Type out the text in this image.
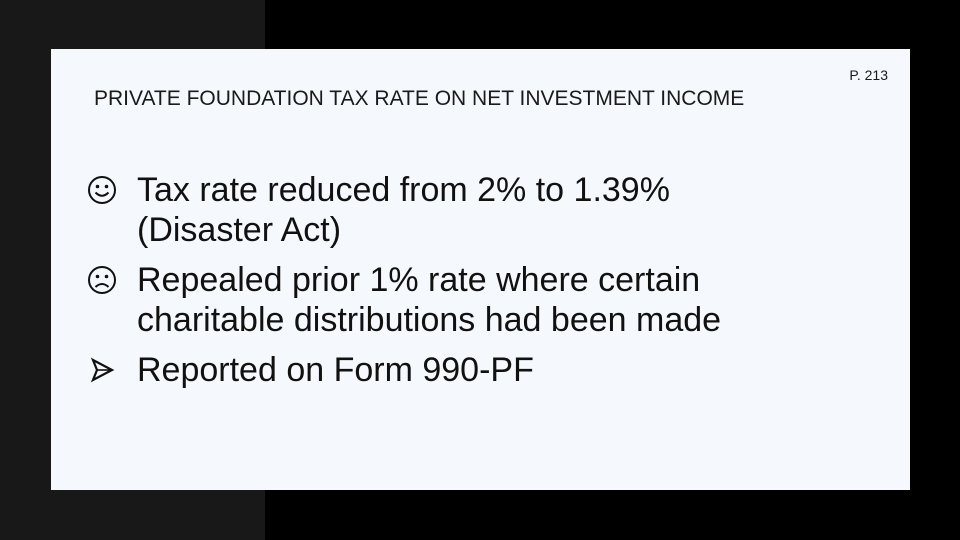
P. 213
PRIVATE FOUNDATION TAX RATE ON NET INVESTMENT INCOME
Tax rate reduced from 2% to 1.39%
(Disaster Act)
Repealed prior 1% rate where certain
charitable distributions had been made
Reported on Form 990-PF
